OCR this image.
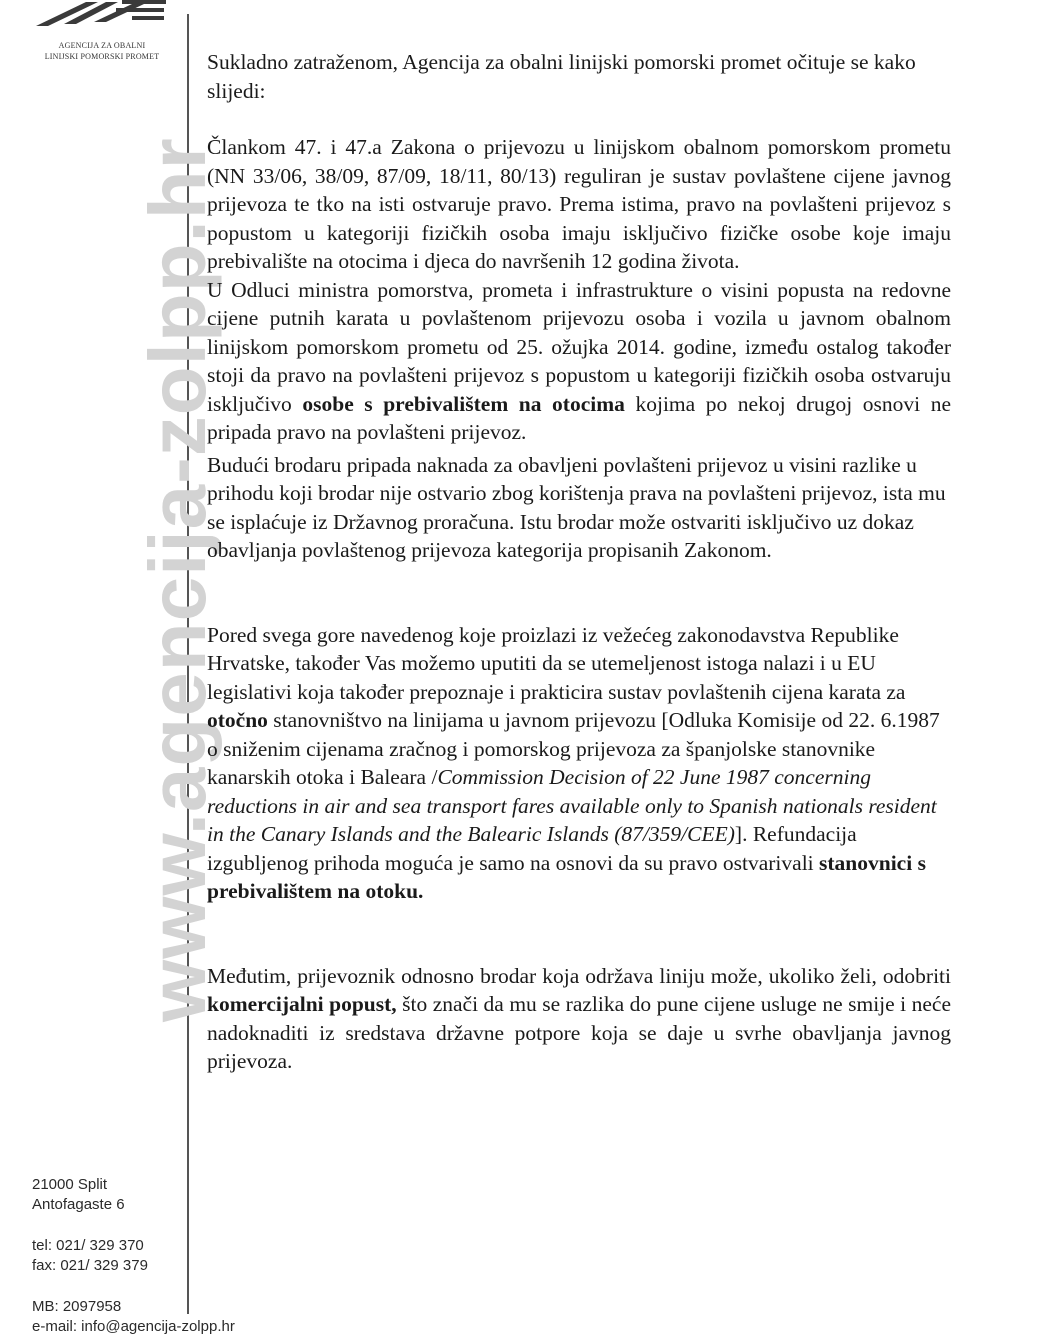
AGENCIJA ZA OBALNI
LINIJSKI POMORSKI PROMET
www.agencija-zolpp.hr
21000 Split
Antofagaste 6
tel: 021/ 329 370
fax: 021/ 329 379
MB: 2097958
e-mail: info@agencija-zolpp.hr

Sukladno zatraženom, Agencija za obalni linijski pomorski promet očituje se kako slijedi:

Člankom 47. i 47.a Zakona o prijevozu u linijskom obalnom pomorskom prometu (NN 33/06, 38/09, 87/09, 18/11, 80/13) reguliran je sustav povlaštene cijene javnog prijevoza te tko na isti ostvaruje pravo. Prema istima, pravo na povlašteni prijevoz s popustom u kategoriji fizičkih osoba imaju isključivo fizičke osobe koje imaju prebivalište na otocima i djeca do navršenih 12 godina života.

U Odluci ministra pomorstva, prometa i infrastrukture o visini popusta na redovne cijene putnih karata u povlaštenom prijevozu osoba i vozila u javnom obalnom linijskom pomorskom prometu od 25. ožujka 2014. godine, između ostalog također stoji da pravo na povlašteni prijevoz s popustom u kategoriji fizičkih osoba ostvaruju isključivo osobe s prebivalištem na otocima kojima po nekoj drugoj osnovi ne pripada pravo na povlašteni prijevoz.

Budući brodaru pripada naknada za obavljeni povlašteni prijevoz u visini razlike u prihodu koji brodar nije ostvario zbog korištenja prava na povlašteni prijevoz, ista mu se isplaćuje iz Državnog proračuna. Istu brodar može ostvariti isključivo uz dokaz obavljanja povlaštenog prijevoza kategorija propisanih Zakonom.

Pored svega gore navedenog koje proizlazi iz vežećeg zakonodavstva Republike Hrvatske, također Vas možemo uputiti da se utemeljenost istoga nalazi i u EU legislativi koja također prepoznaje i prakticira sustav povlaštenih cijena karata za otočno stanovništvo na linijama u javnom prijevozu [Odluka Komisije od 22. 6.1987 o sniženim cijenama zračnog i pomorskog prijevoza za španjolske stanovnike kanarskih otoka i Baleara /Commission Decision of 22 June 1987 concerning reductions in air and sea transport fares available only to Spanish nationals resident in the Canary Islands and the Balearic Islands (87/359/CEE)]. Refundacija izgubljenog prihoda moguća je samo na osnovi da su pravo ostvarivali stanovnici s prebivalištem na otoku.

Međutim, prijevoznik odnosno brodar koja održava liniju može, ukoliko želi, odobriti komercijalni popust, što znači da mu se razlika do pune cijene usluge ne smije i neće nadoknaditi iz sredstava državne potpore koja se daje u svrhe obavljanja javnog prijevoza.
